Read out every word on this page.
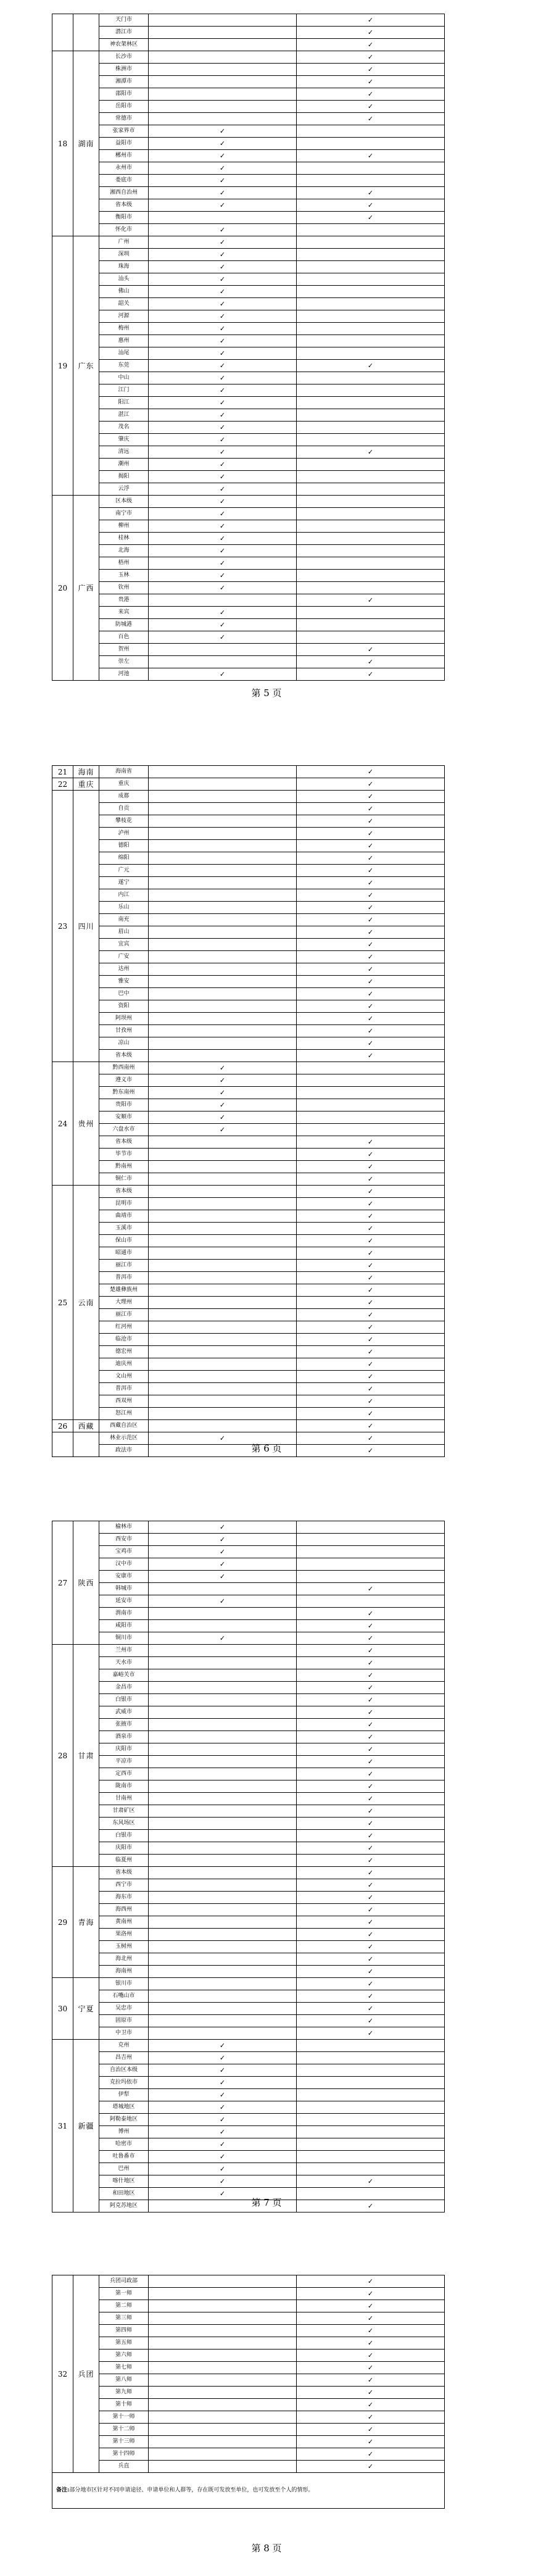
		天门市		✓
		潜江市		✓
		神农架林区		✓
18	湖南	长沙市		✓
		株洲市		✓
		湘潭市		✓
		邵阳市		✓
		岳阳市		✓
		常德市		✓
		张家界市	✓	
		益阳市	✓	
		郴州市	✓	✓
		永州市	✓	
		娄底市	✓	
		湘西自治州	✓	✓
		省本级	✓	✓
		衡阳市		✓
		怀化市	✓	
19	广东	广州	✓	
		深圳	✓	
		珠海	✓	
		汕头	✓	
		佛山	✓	
		韶关	✓	
		河源	✓	
		梅州	✓	
		惠州	✓	
		汕尾	✓	
		东莞	✓	✓
		中山	✓	
		江门	✓	
		阳江	✓	
		湛江	✓	
		茂名	✓	
		肇庆	✓	
		清远	✓	✓
		潮州	✓	
		揭阳	✓	
		云浮	✓	
20	广西	区本级	✓	
		南宁市	✓	
		柳州	✓	
		桂林	✓	
		北海	✓	
		梧州	✓	
		玉林	✓	
		钦州	✓	
		贵港		✓
		来宾	✓	
		防城港	✓	
		百色	✓	
		贺州		✓
		崇左		✓
		河池	✓	✓
第 5 页
21	海南	海南省		✓
22	重庆	重庆		✓
23	四川	成都		✓
		自贡		✓
		攀枝花		✓
		泸州		✓
		德阳		✓
		绵阳		✓
		广元		✓
		遂宁		✓
		内江		✓
		乐山		✓
		南充		✓
		眉山		✓
		宜宾		✓
		广安		✓
		达州		✓
		雅安		✓
		巴中		✓
		资阳		✓
		阿坝州		✓
		甘孜州		✓
		凉山		✓
		省本级		✓
24	贵州	黔西南州	✓	
		遵义市	✓	
		黔东南州	✓	
		贵阳市	✓	
		安顺市	✓	
		六盘水市	✓	
		省本级		✓
		毕节市		✓
		黔南州		✓
		铜仁市		✓
25	云南	省本级		✓
		昆明市		✓
		曲靖市		✓
		玉溪市		✓
		保山市		✓
		昭通市		✓
		丽江市		✓
		普洱市		✓
		楚雄彝族州		✓
		大理州		✓
		丽江市		✓
		红河州		✓
		临沧市		✓
		德宏州		✓
		迪庆州		✓
		文山州		✓
		普洱市		✓
		西双州		✓
		怒江州		✓
26	西藏	西藏自治区		✓
		林业示范区	✓	✓
		政法市		✓
第 6 页
27	陕西	榆林市	✓	
		西安市	✓	
		宝鸡市	✓	
		汉中市	✓	
		安康市	✓	
		韩城市		✓
		延安市	✓	
		渭南市		✓
		咸阳市		✓
		铜川市	✓	✓
28	甘肃	兰州市		✓
		天水市		✓
		嘉峪关市		✓
		金昌市		✓
		白银市		✓
		武威市		✓
		张掖市		✓
		酒泉市		✓
		庆阳市		✓
		平凉市		✓
		定西市		✓
		陇南市		✓
		甘南州		✓
		甘肃矿区		✓
		东风场区		✓
		白银市		✓
		庆阳市		✓
		临夏州		✓
29	青海	省本级		✓
		西宁市		✓
		海东市		✓
		海西州		✓
		黄南州		✓
		果洛州		✓
		玉树州		✓
		海北州		✓
		海南州		✓
30	宁夏	银川市		✓
		石嘴山市		✓
		吴忠市		✓
		固原市		✓
		中卫市		✓
31	新疆	克州	✓	
		昌吉州	✓	
		自治区本级	✓	
		克拉玛依市	✓	
		伊犁	✓	
		塔城地区	✓	
		阿勒泰地区	✓	
		博州	✓	
		哈密市	✓	
		吐鲁番市	✓	
		巴州	✓	
		喀什地区	✓	✓
		和田地区	✓	
		阿克苏地区		✓
第 7 页
32	兵团	兵团司政部		✓
		第一师		✓
		第二师		✓
		第三师		✓
		第四师		✓
		第五师		✓
		第六师		✓
		第七师		✓
		第八师		✓
		第九师		✓
		第十师		✓
		第十一师		✓
		第十二师		✓
		第十三师		✓
		第十四师		✓
		兵直		✓
备注:部分地市区针对不同申请途径、申请单位和人群等，存在既可发放至单位，也可发放至个人的情形。				
第 8 页
